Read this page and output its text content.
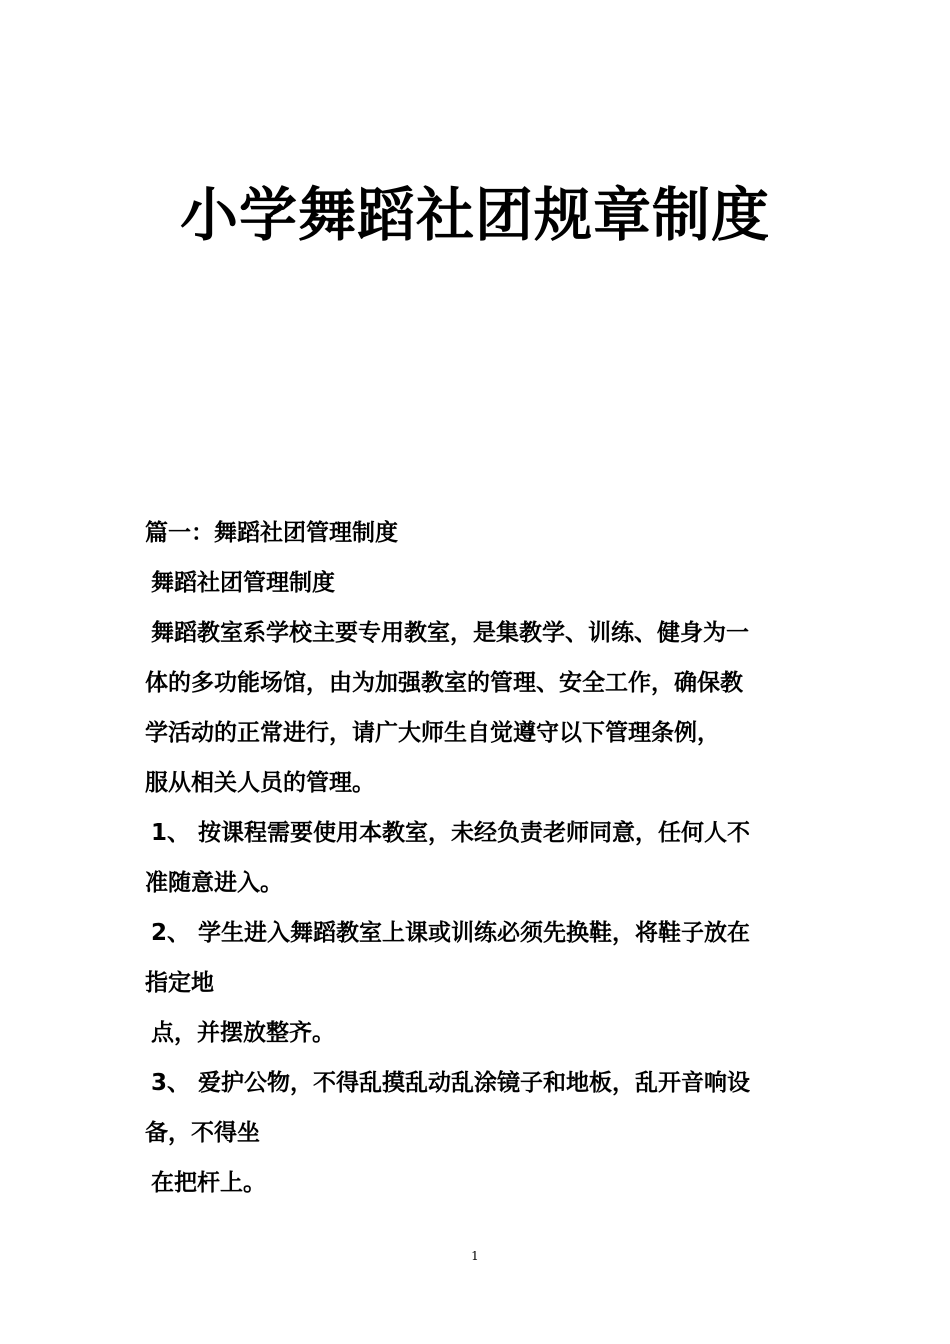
小学舞蹈社团规章制度
篇一：舞蹈社团管理制度
舞蹈社团管理制度
舞蹈教室系学校主要专用教室，是集教学、训练、健身为一
体的多功能场馆，由为加强教室的管理、安全工作，确保教
学活动的正常进行，请广大师生自觉遵守以下管理条例，
服从相关人员的管理。
1、 按课程需要使用本教室，未经负责老师同意，任何人不
准随意进入。
2、 学生进入舞蹈教室上课或训练必须先换鞋，将鞋子放在
指定地
点，并摆放整齐。
3、 爱护公物，不得乱摸乱动乱涂镜子和地板，乱开音响设
备，不得坐
在把杆上。
1
